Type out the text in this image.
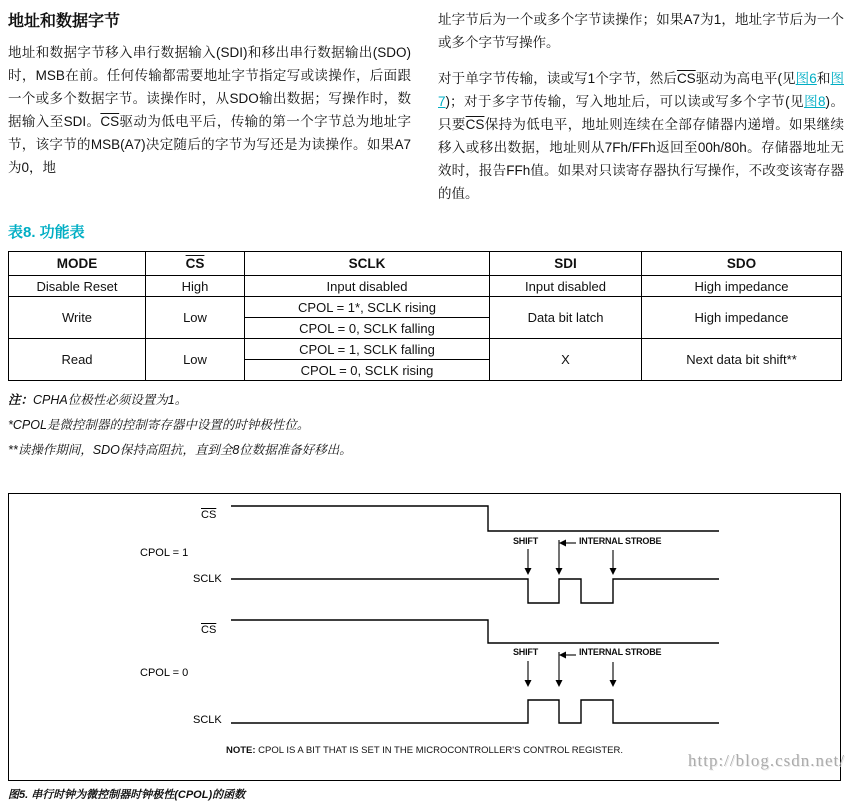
地址和数据字节

地址和数据字节移入串行数据输入(SDI)和移出串行数据输出(SDO)时，MSB在前。任何传输都需要地址字节指定写或读操作，后面跟一个或多个数据字节。读操作时，从SDO输出数据；写操作时，数据输入至SDI。$\overline{CS}$驱动为低电平后，传输的第一个字节总为地址字节，该字节的MSB(A7)决定随后的字节为写还是为读操作。如果A7为0，地

址字节后为一个或多个字节读操作；如果A7为1，地址字节后为一个或多个字节写操作。

对于单字节传输，读或写1个字节，然后$\overline{CS}$驱动为高电平(见图6和图7)；对于多字节传输，写入地址后，可以读或写多个字节(见图8)。只要$\overline{CS}$保持为低电平，地址则连续在全部存储器内递增。如果继续移入或移出数据，地址则从7Fh/FFh返回至00h/80h。存储器地址无效时，报告FFh值。如果对只读寄存器执行写操作，不改变该寄存器的值。

表8. 功能表
MODE	$\overline{CS}$	SCLK	SDI	SDO
Disable Reset	High	Input disabled	Input disabled	High impedance
Write	Low	CPOL = 1*, SCLK rising	Data bit latch	High impedance
		CPOL = 0, SCLK falling		
Read	Low	CPOL = 1, SCLK falling	X	Next data bit shift**
		CPOL = 0, SCLK rising		

注：CPHA位极性必须设置为1。

*CPOL是微控制器的控制寄存器中设置的时钟极性位。

**读操作期间，SDO保持高阻抗，直到全8位数据准备好移出。

$\overline{CS}$
CPOL = 1
SCLK
$\overline{CS}$
CPOL = 0
SCLK
SHIFT	INTERNAL STROBE
SHIFT	INTERNAL STROBE
NOTE: CPOL IS A BIT THAT IS SET IN THE MICROCONTROLLER'S CONTROL REGISTER.

图5. 串行时钟为微控制器时钟极性(CPOL)的函数

http://blog.csdn.net/
